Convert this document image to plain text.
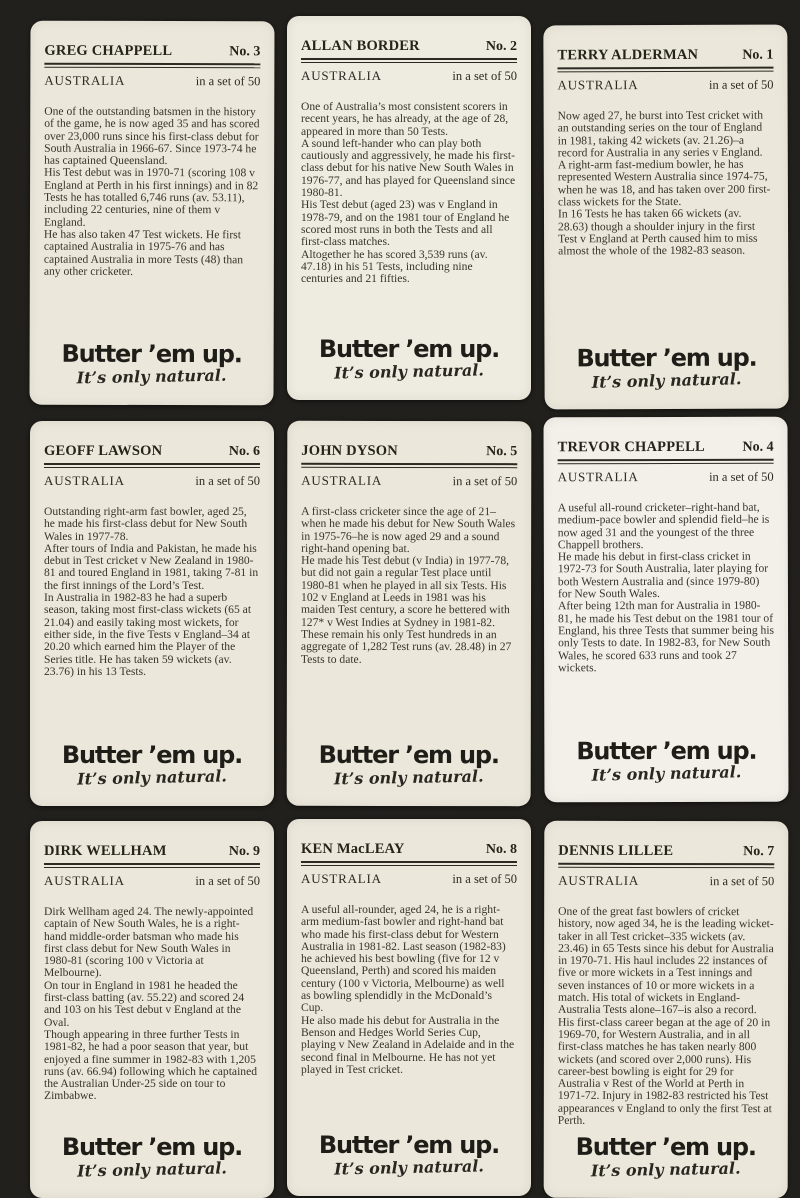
GREG CHAPPELL	No. 3
AUSTRALIA	in a set of 50

One of the outstanding batsmen in the history of the game, he is now aged 35 and has scored over 23,000 runs since his first-class debut for South Australia in 1966-67. Since 1973-74 he has captained Queensland.

His Test debut was in 1970-71 (scoring 108 v England at Perth in his first innings) and in 82 Tests he has totalled 6,746 runs (av. 53.11), including 22 centuries, nine of them v England.

He has also taken 47 Test wickets. He first captained Australia in 1975-76 and has captained Australia in more Tests (48) than any other cricketer.

Butter ’em up.
It’s only natural.
ALLAN BORDER	No. 2
AUSTRALIA	in a set of 50

One of Australia’s most consistent scorers in recent years, he has already, at the age of 28, appeared in more than 50 Tests.

A sound left-hander who can play both cautiously and aggressively, he made his first-class debut for his native New South Wales in 1976-77, and has played for Queensland since 1980-81.

His Test debut (aged 23) was v England in 1978-79, and on the 1981 tour of England he scored most runs in both the Tests and all first-class matches.

Altogether he has scored 3,539 runs (av. 47.18) in his 51 Tests, including nine centuries and 21 fifties.

Butter ’em up.
It’s only natural.
TERRY ALDERMAN	No. 1
AUSTRALIA	in a set of 50

Now aged 27, he burst into Test cricket with an outstanding series on the tour of England in 1981, taking 42 wickets (av. 21.26)–a record for Australia in any series v England.

A right-arm fast-medium bowler, he has represented Western Australia since 1974-75, when he was 18, and has taken over 200 first-class wickets for the State.

In 16 Tests he has taken 66 wickets (av. 28.63) though a shoulder injury in the first Test v England at Perth caused him to miss almost the whole of the 1982-83 season.

Butter ’em up.
It’s only natural.
GEOFF LAWSON	No. 6
AUSTRALIA	in a set of 50

Outstanding right-arm fast bowler, aged 25, he made his first-class debut for New South Wales in 1977-78.

After tours of India and Pakistan, he made his debut in Test cricket v New Zealand in 1980-81 and toured England in 1981, taking 7-81 in the first innings of the Lord’s Test.

In Australia in 1982-83 he had a superb season, taking most first-class wickets (65 at 21.04) and easily taking most wickets, for either side, in the five Tests v England–34 at 20.20 which earned him the Player of the Series title. He has taken 59 wickets (av. 23.76) in his 13 Tests.

Butter ’em up.
It’s only natural.
JOHN DYSON	No. 5
AUSTRALIA	in a set of 50

A first-class cricketer since the age of 21–when he made his debut for New South Wales in 1975-76–he is now aged 29 and a sound right-hand opening bat.

He made his Test debut (v India) in 1977-78, but did not gain a regular Test place until 1980-81 when he played in all six Tests. His 102 v England at Leeds in 1981 was his maiden Test century, a score he bettered with 127* v West Indies at Sydney in 1981-82.

These remain his only Test hundreds in an aggregate of 1,282 Test runs (av. 28.48) in 27 Tests to date.

Butter ’em up.
It’s only natural.
TREVOR CHAPPELL	No. 4
AUSTRALIA	in a set of 50

A useful all-round cricketer–right-hand bat, medium-pace bowler and splendid field–he is now aged 31 and the youngest of the three Chappell brothers.

He made his debut in first-class cricket in 1972-73 for South Australia, later playing for both Western Australia and (since 1979-80) for New South Wales.

After being 12th man for Australia in 1980-81, he made his Test debut on the 1981 tour of England, his three Tests that summer being his only Tests to date. In 1982-83, for New South Wales, he scored 633 runs and took 27 wickets.

Butter ’em up.
It’s only natural.
DIRK WELLHAM	No. 9
AUSTRALIA	in a set of 50

Dirk Wellham aged 24. The newly-appointed captain of New South Wales, he is a right-hand middle-order batsman who made his first class debut for New South Wales in 1980-81 (scoring 100 v Victoria at Melbourne).

On tour in England in 1981 he headed the first-class batting (av. 55.22) and scored 24 and 103 on his Test debut v England at the Oval.

Though appearing in three further Tests in 1981-82, he had a poor season that year, but enjoyed a fine summer in 1982-83 with 1,205 runs (av. 66.94) following which he captained the Australian Under-25 side on tour to Zimbabwe.

Butter ’em up.
It’s only natural.
KEN MacLEAY	No. 8
AUSTRALIA	in a set of 50

A useful all-rounder, aged 24, he is a right-arm medium-fast bowler and right-hand bat who made his first-class debut for Western Australia in 1981-82. Last season (1982-83) he achieved his best bowling (five for 12 v Queensland, Perth) and scored his maiden century (100 v Victoria, Melbourne) as well as bowling splendidly in the McDonald’s Cup.

He also made his debut for Australia in the Benson and Hedges World Series Cup, playing v New Zealand in Adelaide and in the second final in Melbourne. He has not yet played in Test cricket.

Butter ’em up.
It’s only natural.
DENNIS LILLEE	No. 7
AUSTRALIA	in a set of 50

One of the great fast bowlers of cricket history, now aged 34, he is the leading wicket-taker in all Test cricket–335 wickets (av. 23.46) in 65 Tests since his debut for Australia in 1970-71. His haul includes 22 instances of five or more wickets in a Test innings and seven instances of 10 or more wickets in a match. His total of wickets in England-Australia Tests alone–167–is also a record. His first-class career began at the age of 20 in 1969-70, for Western Australia, and in all first-class matches he has taken nearly 800 wickets (and scored over 2,000 runs). His career-best bowling is eight for 29 for Australia v Rest of the World at Perth in 1971-72. Injury in 1982-83 restricted his Test appearances v England to only the first Test at Perth.

Butter ’em up.
It’s only natural.
